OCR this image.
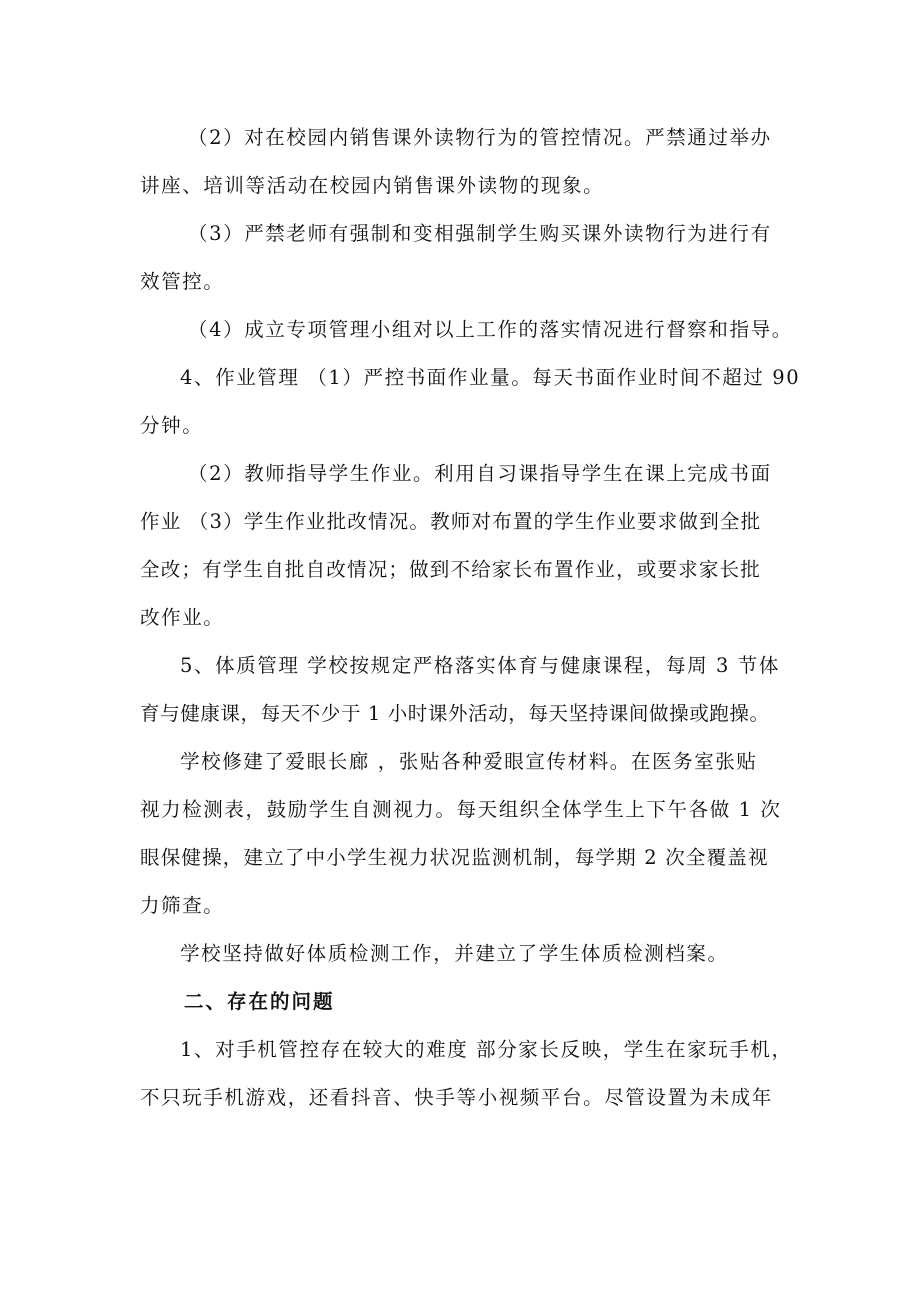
（2）对在校园内销售课外读物行为的管控情况。严禁通过举办
讲座、培训等活动在校园内销售课外读物的现象。
（3）严禁老师有强制和变相强制学生购买课外读物行为进行有
效管控。
（4）成立专项管理小组对以上工作的落实情况进行督察和指导。
4、作业管理 （1）严控书面作业量。每天书面作业时间不超过 90
分钟。
（2）教师指导学生作业。利用自习课指导学生在课上完成书面
作业 （3）学生作业批改情况。教师对布置的学生作业要求做到全批
全改；有学生自批自改情况；做到不给家长布置作业，或要求家长批
改作业。
5、体质管理 学校按规定严格落实体育与健康课程，每周 3 节体
育与健康课，每天不少于 1 小时课外活动，每天坚持课间做操或跑操。
学校修建了爱眼长廊 ，张贴各种爱眼宣传材料。在医务室张贴
视力检测表，鼓励学生自测视力。每天组织全体学生上下午各做 1 次
眼保健操，建立了中小学生视力状况监测机制，每学期 2 次全覆盖视
力筛查。
学校坚持做好体质检测工作，并建立了学生体质检测档案。
二、存在的问题
1、对手机管控存在较大的难度 部分家长反映，学生在家玩手机，
不只玩手机游戏，还看抖音、快手等小视频平台。尽管设置为未成年
